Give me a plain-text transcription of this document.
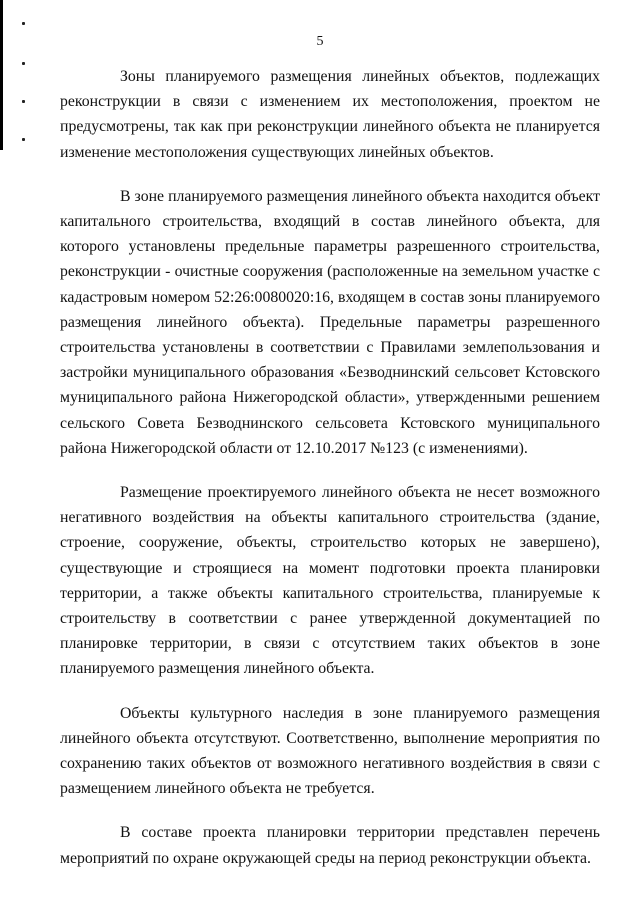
5

Зоны планируемого размещения линейных объектов, подлежащих реконструкции в связи с изменением их местоположения, проектом не предусмотрены, так как при реконструкции линейного объекта не планируется изменение местоположения существующих линейных объектов.

В зоне планируемого размещения линейного объекта находится объект капитального строительства, входящий в состав линейного объекта, для которого установлены предельные параметры разрешенного строительства, реконструкции - очистные сооружения (расположенные на земельном участке с кадастровым номером 52:26:0080020:16, входящем в состав зоны планируемого размещения линейного объекта). Предельные параметры разрешенного строительства установлены в соответствии с Правилами землепользования и застройки муниципального образования «Безводнинский сельсовет Кстовского муниципального района Нижегородской области», утвержденными решением сельского Совета Безводнинского сельсовета Кстовского муниципального района Нижегородской области от 12.10.2017 №123 (с изменениями).

Размещение проектируемого линейного объекта не несет возможного негативного воздействия на объекты капитального строительства (здание, строение, сооружение, объекты, строительство которых не завершено), существующие и строящиеся на момент подготовки проекта планировки территории, а также объекты капитального строительства, планируемые к строительству в соответствии с ранее утвержденной документацией по планировке территории, в связи с отсутствием таких объектов в зоне планируемого размещения линейного объекта.

Объекты культурного наследия в зоне планируемого размещения линейного объекта отсутствуют. Соответственно, выполнение мероприятия по сохранению таких объектов от возможного негативного воздействия в связи с размещением линейного объекта не требуется.

В составе проекта планировки территории представлен перечень мероприятий по охране окружающей среды на период реконструкции объекта.
